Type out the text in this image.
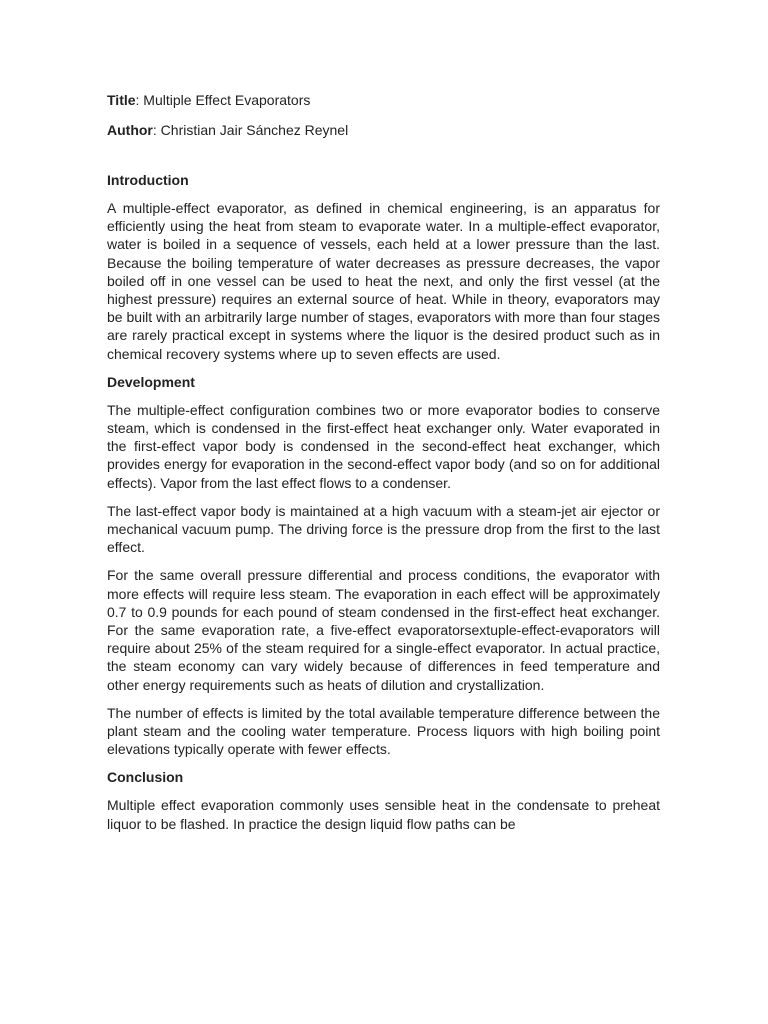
Title: Multiple Effect Evaporators

Author: Christian Jair Sánchez Reynel

Introduction

A multiple-effect evaporator, as defined in chemical engineering, is an apparatus for efficiently using the heat from steam to evaporate water. In a multiple-effect evaporator, water is boiled in a sequence of vessels, each held at a lower pressure than the last. Because the boiling temperature of water decreases as pressure decreases, the vapor boiled off in one vessel can be used to heat the next, and only the first vessel (at the highest pressure) requires an external source of heat. While in theory, evaporators may be built with an arbitrarily large number of stages, evaporators with more than four stages are rarely practical except in systems where the liquor is the desired product such as in chemical recovery systems where up to seven effects are used.

Development

The multiple-effect configuration combines two or more evaporator bodies to conserve steam, which is condensed in the first-effect heat exchanger only. Water evaporated in the first-effect vapor body is condensed in the second-effect heat exchanger, which provides energy for evaporation in the second-effect vapor body (and so on for additional effects). Vapor from the last effect flows to a condenser.

The last-effect vapor body is maintained at a high vacuum with a steam-jet air ejector or mechanical vacuum pump. The driving force is the pressure drop from the first to the last effect.

For the same overall pressure differential and process conditions, the evaporator with more effects will require less steam. The evaporation in each effect will be approximately 0.7 to 0.9 pounds for each pound of steam condensed in the first-effect heat exchanger. For the same evaporation rate, a five-effect evaporatorsextuple-effect-evaporators will require about 25% of the steam required for a single-effect evaporator. In actual practice, the steam economy can vary widely because of differences in feed temperature and other energy requirements such as heats of dilution and crystallization.

The number of effects is limited by the total available temperature difference between the plant steam and the cooling water temperature. Process liquors with high boiling point elevations typically operate with fewer effects.

Conclusion

Multiple effect evaporation commonly uses sensible heat in the condensate to preheat liquor to be flashed. In practice the design liquid flow paths can be
